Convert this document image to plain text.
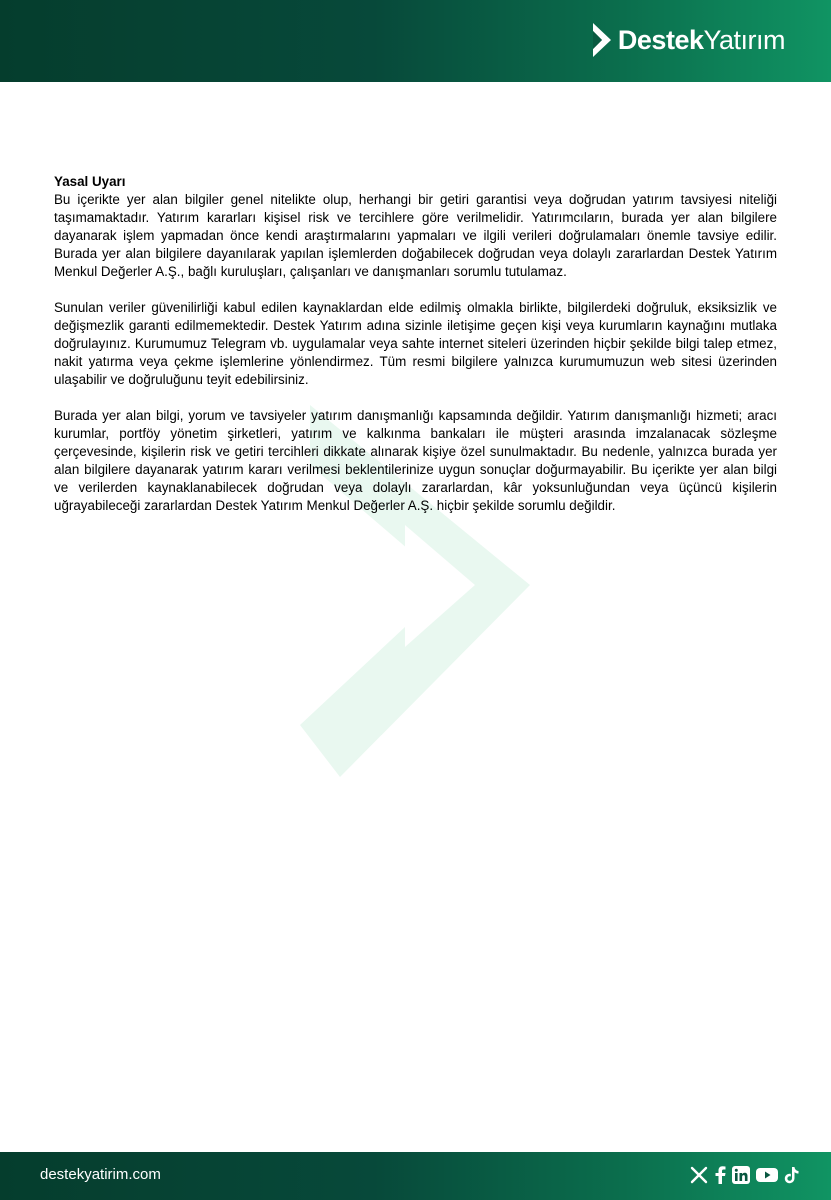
Destek Yatırım

Yasal Uyarı

Bu içerikte yer alan bilgiler genel nitelikte olup, herhangi bir getiri garantisi veya doğrudan yatırım tavsiyesi niteliği taşımamaktadır. Yatırım kararları kişisel risk ve tercihlere göre verilmelidir. Yatırımcıların, burada yer alan bilgilere dayanarak işlem yapmadan önce kendi araştırmalarını yapmaları ve ilgili verileri doğrulamaları önemle tavsiye edilir. Burada yer alan bilgilere dayanılarak yapılan işlemlerden doğabilecek doğrudan veya dolaylı zararlardan Destek Yatırım Menkul Değerler A.Ş., bağlı kuruluşları, çalışanları ve danışmanları sorumlu tutulamaz.

Sunulan veriler güvenilirliği kabul edilen kaynaklardan elde edilmiş olmakla birlikte, bilgilerdeki doğruluk, eksiksizlik ve değişmezlik garanti edilmemektedir. Destek Yatırım adına sizinle iletişime geçen kişi veya kurumların kaynağını mutlaka doğrulayınız. Kurumumuz Telegram vb. uygulamalar veya sahte internet siteleri üzerinden hiçbir şekilde bilgi talep etmez, nakit yatırma veya çekme işlemlerine yönlendirmez. Tüm resmi bilgilere yalnızca kurumumuzun web sitesi üzerinden ulaşabilir ve doğruluğunu teyit edebilirsiniz.

Burada yer alan bilgi, yorum ve tavsiyeler yatırım danışmanlığı kapsamında değildir. Yatırım danışmanlığı hizmeti; aracı kurumlar, portföy yönetim şirketleri, yatırım ve kalkınma bankaları ile müşteri arasında imzalanacak sözleşme çerçevesinde, kişilerin risk ve getiri tercihleri dikkate alınarak kişiye özel sunulmaktadır. Bu nedenle, yalnızca burada yer alan bilgilere dayanarak yatırım kararı verilmesi beklentilerinize uygun sonuçlar doğurmayabilir. Bu içerikte yer alan bilgi ve verilerden kaynaklanabilecek doğrudan veya dolaylı zararlardan, kâr yoksunluğundan veya üçüncü kişilerin uğrayabileceği zararlardan Destek Yatırım Menkul Değerler A.Ş. hiçbir şekilde sorumlu değildir.

destekyatirim.com
